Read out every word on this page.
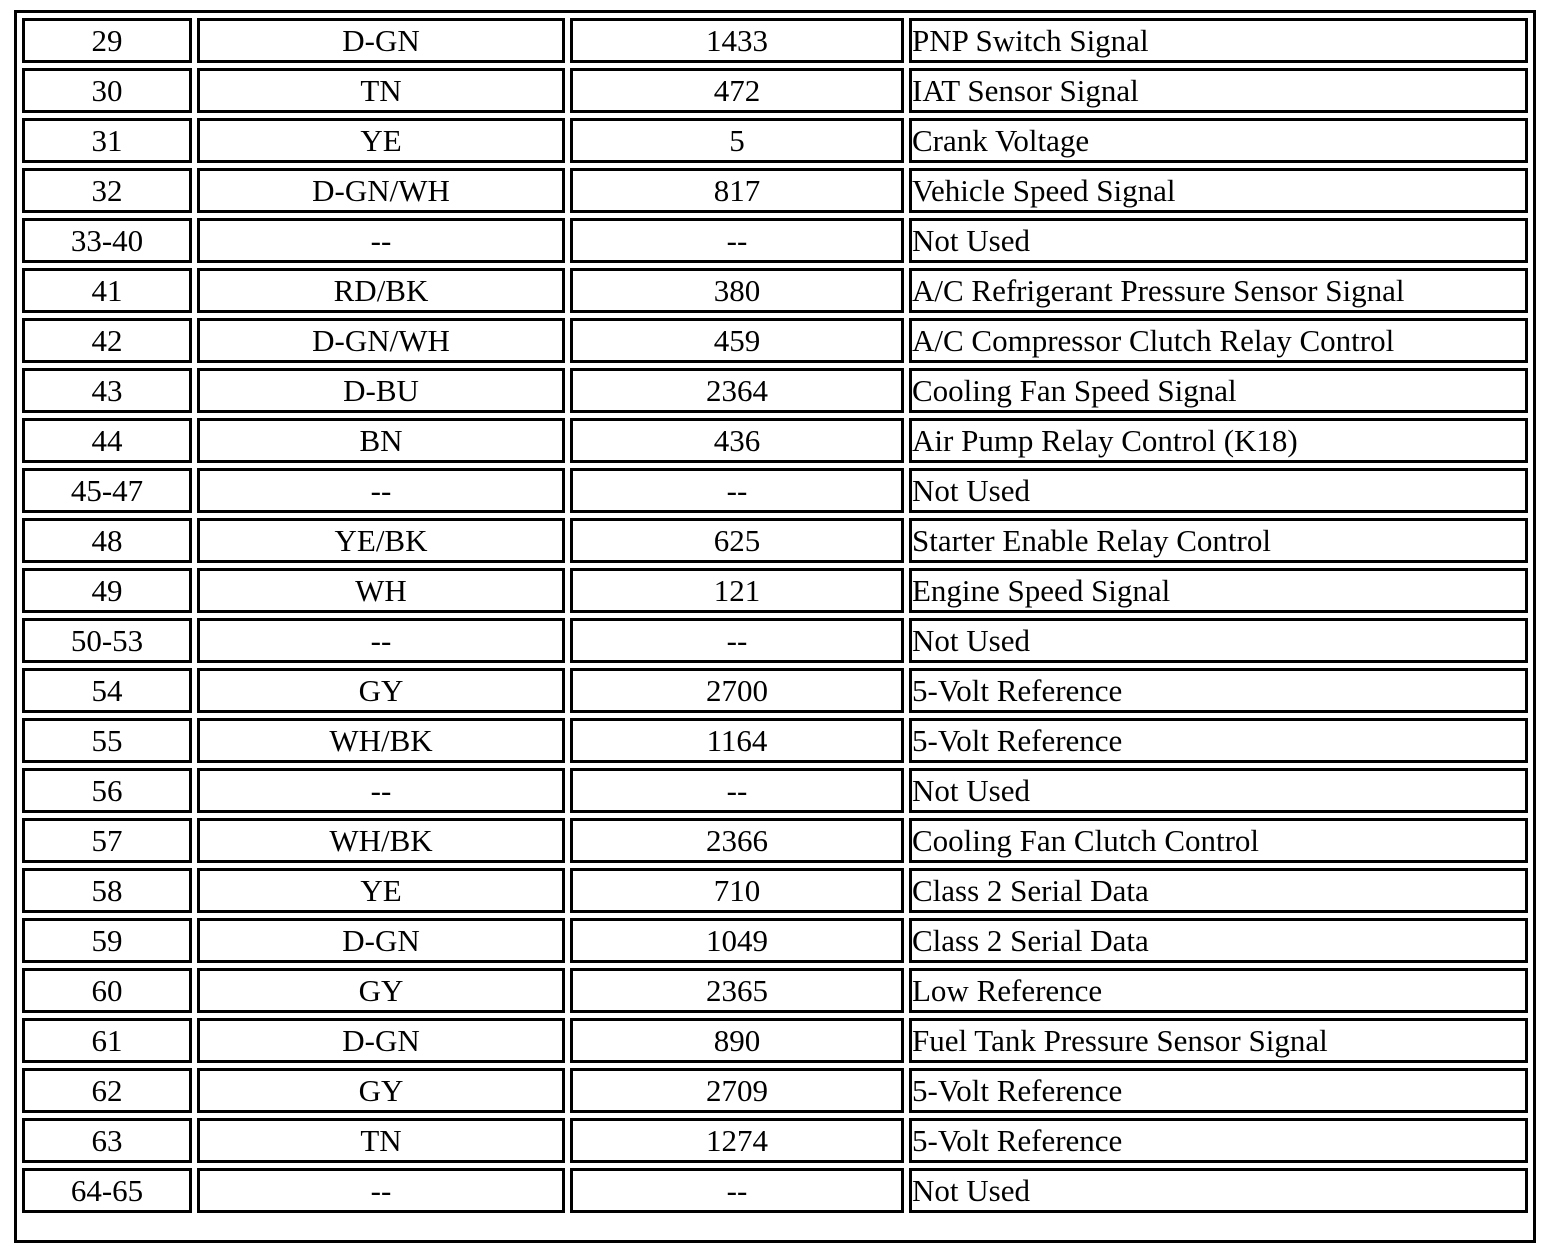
29	D-GN	1433	PNP Switch Signal
30	TN	472	IAT Sensor Signal
31	YE	5	Crank Voltage
32	D-GN/WH	817	Vehicle Speed Signal
33-40	--	--	Not Used
41	RD/BK	380	A/C Refrigerant Pressure Sensor Signal
42	D-GN/WH	459	A/C Compressor Clutch Relay Control
43	D-BU	2364	Cooling Fan Speed Signal
44	BN	436	Air Pump Relay Control (K18)
45-47	--	--	Not Used
48	YE/BK	625	Starter Enable Relay Control
49	WH	121	Engine Speed Signal
50-53	--	--	Not Used
54	GY	2700	5-Volt Reference
55	WH/BK	1164	5-Volt Reference
56	--	--	Not Used
57	WH/BK	2366	Cooling Fan Clutch Control
58	YE	710	Class 2 Serial Data
59	D-GN	1049	Class 2 Serial Data
60	GY	2365	Low Reference
61	D-GN	890	Fuel Tank Pressure Sensor Signal
62	GY	2709	5-Volt Reference
63	TN	1274	5-Volt Reference
64-65	--	--	Not Used
